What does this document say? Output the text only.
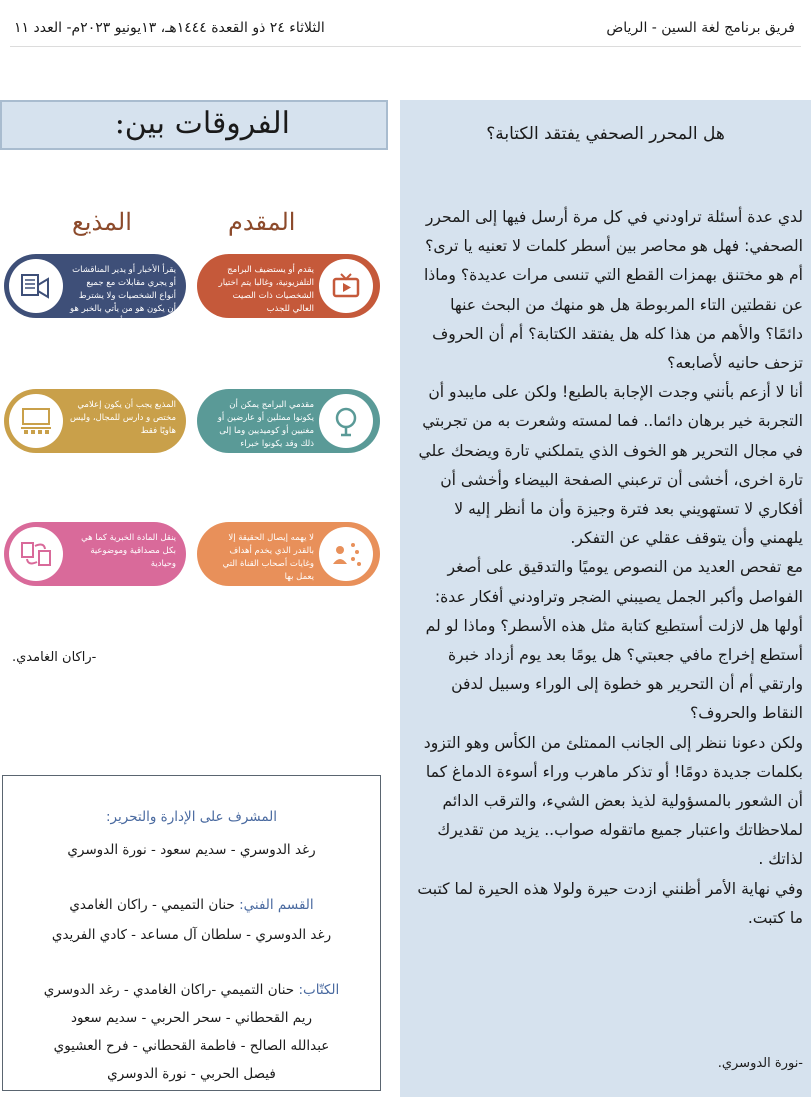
فريق برنامج لغة السين - الرياض
الثلاثاء ٢٤ ذو القعدة ١٤٤٤هـ، ١٣يونيو ٢٠٢٣م- العدد ١١
هل المحرر الصحفي يفتقد الكتابة؟

لدي عدة أسئلة تراودني في كل مرة أرسل فيها إلى المحرر الصحفي: فهل هو محاصر بين أسطر كلمات لا تعنيه يا ترى؟ أم هو مختنق بهمزات القطع التي تنسى مرات عديدة؟ وماذا عن نقطتين التاء المربوطة هل هو منهك من البحث عنها دائمًا؟ والأهم من هذا كله هل يفتقد الكتابة؟ أم أن الحروف تزحف حانيه لأصابعه؟

أنا لا أزعم بأنني وجدت الإجابة بالطبع! ولكن على مايبدو أن التجربة خير برهان دائما.. فما لمسته وشعرت به من تجربتي في مجال التحرير هو الخوف الذي يتملكني تارة ويضحك علي تارة اخرى، أخشى أن ترعبني الصفحة البيضاء وأخشى أن أفكاري لا تستهويني بعد فترة وجيزة وأن ما أنظر إليه لا يلهمني وأن يتوقف عقلي عن التفكر.

مع تفحص العديد من النصوص يوميًا والتدقيق على أصغر الفواصل وأكبر الجمل يصيبني الضجر وتراودني أفكار عدة: أولها هل لازلت أستطيع كتابة مثل هذه الأسطر؟ وماذا لو لم أستطع إخراج مافي جعبتي؟ هل يومًا بعد يوم أزداد خبرة وارتقي أم أن التحرير هو خطوة إلى الوراء وسبيل لدفن النقاط والحروف؟

ولكن دعونا ننظر إلى الجانب الممتلئ من الكأس وهو التزود بكلمات جديدة دومًا! أو تذكر ماهرب وراء أسوءة الدماغ كما أن الشعور بالمسؤولية لذيذ بعض الشيء، والترقب الدائم لملاحظاتك واعتبار جميع ماتقوله صواب.. يزيد من تقديرك لذاتك .

وفي نهاية الأمر أظنني ازدت حيرة ولولا هذه الحيرة لما كتبت ما كتبت.

-نورة الدوسري.
الفروقات بين:
المقدم
المذيع
يقدم أو يستضيف البرامج التلفزيونية، وغالبا يتم اختيار الشخصيات ذات الصيت العالي للجذب
يقرأ الأخبار أو يدير المناقشات أو يجري مقابلات مع جميع أنواع الشخصيات ولا يشترط أن يكون هو من يأتي بالخبر هو فقط من يذيعه أي ينشره.
مقدمي البرامج يمكن أن يكونوا ممثلين أو عارضين أو مغنيين أو كوميديين وما إلى ذلك وقد يكونوا خبراء مختصين
المذيع يجب أن يكون إعلامي مختص و دارس للمجال، وليس هاويًا فقط
لا يهمه إيصال الحقيقة إلا بالقدر الذي يخدم أهداف وغايات أصحاب القناة التي يعمل بها
ينقل المادة الخبرية كما هي بكل مصداقية وموضوعية وحيادية
-راكان الغامدي.
المشرف على الإدارة والتحرير:
رغد الدوسري - سديم سعود - نورة الدوسري
القسم الفني: حنان التميمي - راكان الغامدي
رغد الدوسري - سلطان آل مساعد - كادي الفريدي
الكتّاب: حنان التميمي -راكان الغامدي - رغد الدوسري
ريم القحطاني - سحر الحربي - سديم سعود
عبدالله الصالح - فاطمة القحطاني - فرح العشيوي
فيصل الحربي - نورة الدوسري
